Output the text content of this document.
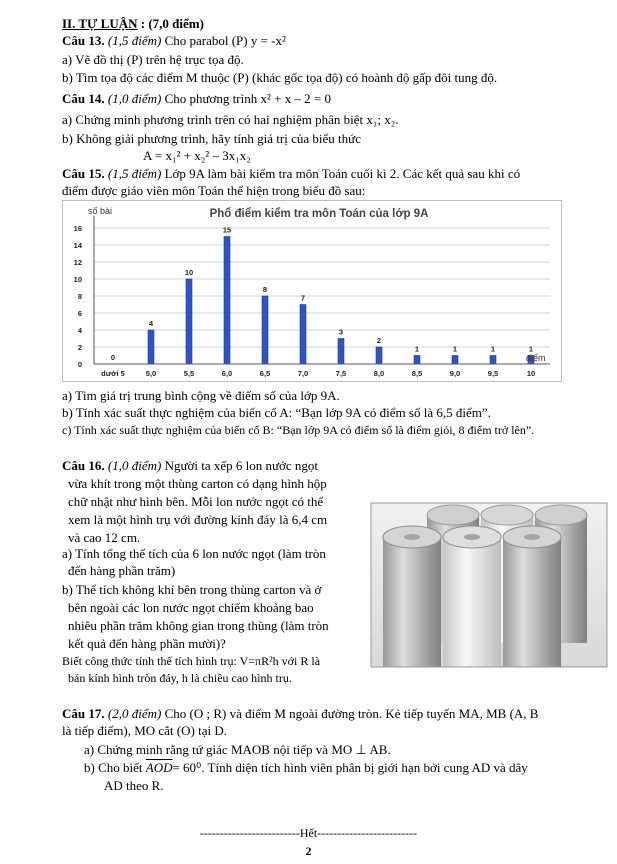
II. TỰ LUẬN : (7,0 điểm)
Câu 13. (1,5 điểm) Cho parabol (P) y = -x²
a) Vẽ đồ thị (P) trên hệ trục tọa độ.
b) Tìm tọa độ các điểm M thuộc (P) (khác gốc tọa độ) có hoành độ gấp đôi tung độ.
Câu 14. (1,0 điểm) Cho phương trình x² + x – 2 = 0
a) Chứng minh phương trình trên có hai nghiệm phân biệt x₁; x₂.
b) Không giải phương trình, hãy tính giá trị của biểu thức
A = x₁² + x₂² – 3x₁x₂
Câu 15. (1,5 điểm) Lớp 9A làm bài kiểm tra môn Toán cuối kì 2. Các kết quả sau khi có
điểm được giáo viên môn Toán thể hiện trong biểu đồ sau:
0
2
4
6
8
10
12
14
16
0
4
10
15
8
7
3
2
1	1	1	1
dưới 5	5,0	5,5	6,0	6,5	7,0	7,5	8,0	8,5	9,0	9,5	10
số bài	Phổ điểm kiểm tra môn Toán của lớp 9A
điểm
a) Tìm giá trị trung bình cộng về điểm số của lớp 9A.
b) Tính xác suất thực nghiệm của biến cố A: “Bạn lớp 9A có điểm số là 6,5 điểm”.
c) Tính xác suất thực nghiệm của biến cố B: “Bạn lớp 9A có điểm số là điểm giỏi, 8 điểm trở lên”.
Câu 16. (1,0 điểm) Người ta xếp 6 lon nước ngọt
vừa khít trong một thùng carton có dạng hình hộp
chữ nhật như hình bên. Mỗi lon nước ngọt có thể
xem là một hình trụ với đường kính đáy là 6,4 cm
và cao 12 cm.
a) Tính tổng thể tích của 6 lon nước ngọt (làm tròn
đến hàng phần trăm)
b) Thể tích không khí bên trong thùng carton và ở
bên ngoài các lon nước ngọt chiếm khoảng bao
nhiêu phần trăm không gian trong thùng (làm tròn
kết quả đến hàng phần mười)?
Biết công thức tính thể tích hình trụ: V=πR²h với R là
bán kính hình tròn đáy, h là chiều cao hình trụ.
Câu 17. (2,0 điểm) Cho (O ; R) và điểm M ngoài đường tròn. Kẻ tiếp tuyến MA, MB (A, B
là tiếp điểm), MO cắt (O) tại D.
a) Chứng minh rằng tứ giác MAOB nội tiếp và MO ⊥ AB.
b) Cho biết $\overline{AOD}= 60^0$. Tính diện tích hình viên phân bị giới hạn bởi cung AD và dây
AD theo R.
-------------------------Hết-------------------------
2
